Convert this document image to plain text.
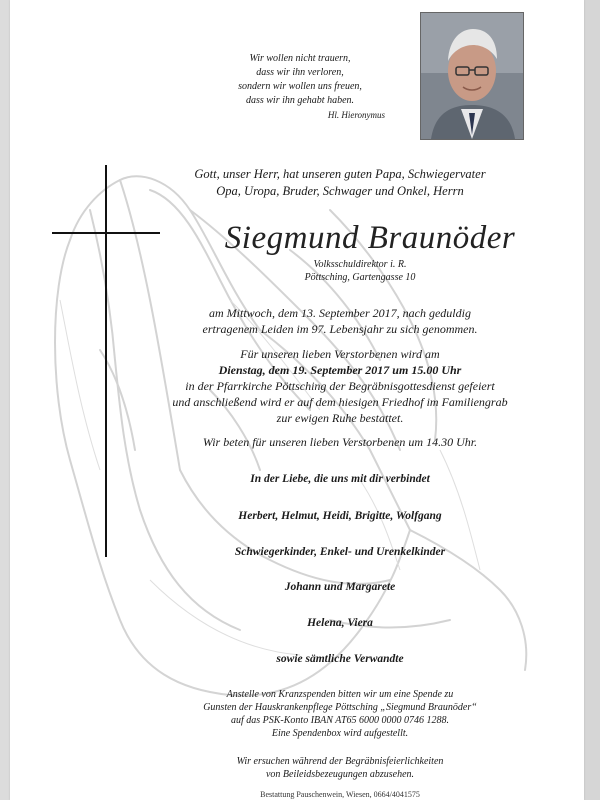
Wir wollen nicht trauern,
dass wir ihn verloren,
sondern wir wollen uns freuen,
dass wir ihn gehabt haben.
Hl. Hieronymus
Gott, unser Herr, hat unseren guten Papa, Schwiegervater
Opa, Uropa, Bruder, Schwager und Onkel, Herrn
Siegmund Braunöder
Volksschuldirektor i. R.
Pöttsching, Gartengasse 10
am Mittwoch, dem 13. September 2017, nach geduldig
ertragenem Leiden im 97. Lebensjahr zu sich genommen.
Für unseren lieben Verstorbenen wird am
Dienstag, dem 19. September 2017 um 15.00 Uhr
in der Pfarrkirche Pöttsching der Begräbnisgottesdienst gefeiert
und anschließend wird er auf dem hiesigen Friedhof im Familiengrab
zur ewigen Ruhe bestattet.
Wir beten für unseren lieben Verstorbenen um 14.30 Uhr.
In der Liebe, die uns mit dir verbindet
Herbert, Helmut, Heidi, Brigitte, Wolfgang
Schwiegerkinder, Enkel- und Urenkelkinder
Johann und Margarete
Helena, Viera
sowie sämtliche Verwandte
Anstelle von Kranzspenden bitten wir um eine Spende zu
Gunsten der Hauskrankenpflege Pöttsching „Siegmund Braunöder“
auf das PSK-Konto IBAN AT65 6000 0000 0746 1288.
Eine Spendenbox wird aufgestellt.
Wir ersuchen während der Begräbnisfeierlichkeiten
von Beileidsbezeugungen abzusehen.
Bestattung Pauschenwein, Wiesen, 0664/4041575
